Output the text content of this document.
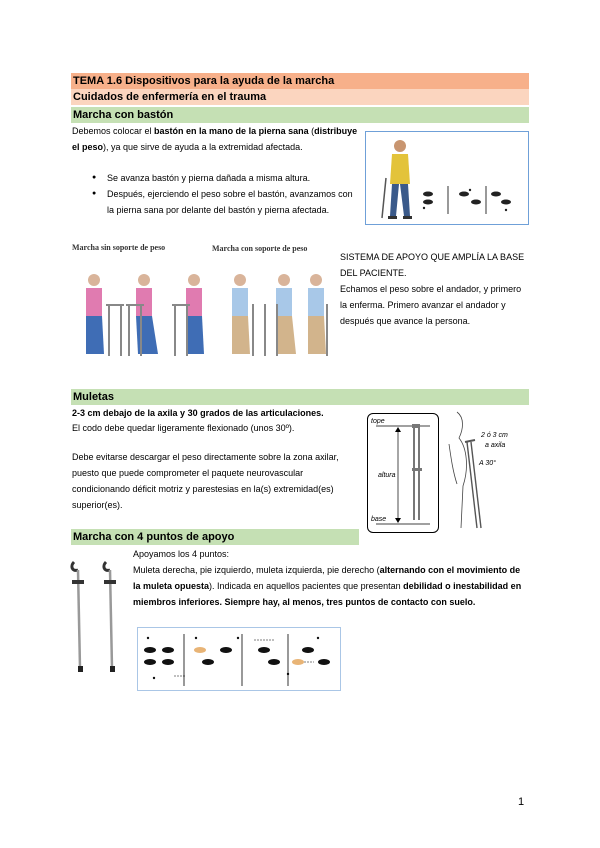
TEMA 1.6 Dispositivos para la ayuda de la marcha
Cuidados de enfermería en el trauma
Marcha con bastón
Debemos colocar el bastón en la mano de la pierna sana (distribuye el peso), ya que sirve de ayuda a la extremidad afectada.
● Se avanza bastón y pierna dañada a misma altura.
● Después, ejerciendo el peso sobre el bastón, avanzamos con la pierna sana por delante del bastón y pierna afectada.
Marcha sin soporte de peso	Marcha con soporte de peso
SISTEMA DE APOYO QUE AMPLÍA LA BASE DEL PACIENTE.
Echamos el peso sobre el andador, y primero la enferma. Primero avanzar el andador y después que avance la persona.
Muletas
2-3 cm debajo de la axila y 30 grados de las articulaciones.
El codo debe quedar ligeramente flexionado (unos 30º).
Debe evitarse descargar el peso directamente sobre la zona axilar, puesto que puede comprometer el paquete neurovascular condicionando déficit motriz y parestesias en la(s) extremidad(es) superior(es).
tope
altura
base
2 ó 3 cm
a axila
A 30°
Marcha con 4 puntos de apoyo
Apoyamos los 4 puntos:
Muleta derecha, pie izquierdo, muleta izquierda, pie derecho (alternando con el movimiento de la muleta opuesta). Indicada en aquellos pacientes que presentan debilidad o inestabilidad en miembros inferiores. Siempre hay, al menos, tres puntos de contacto con suelo.
1
